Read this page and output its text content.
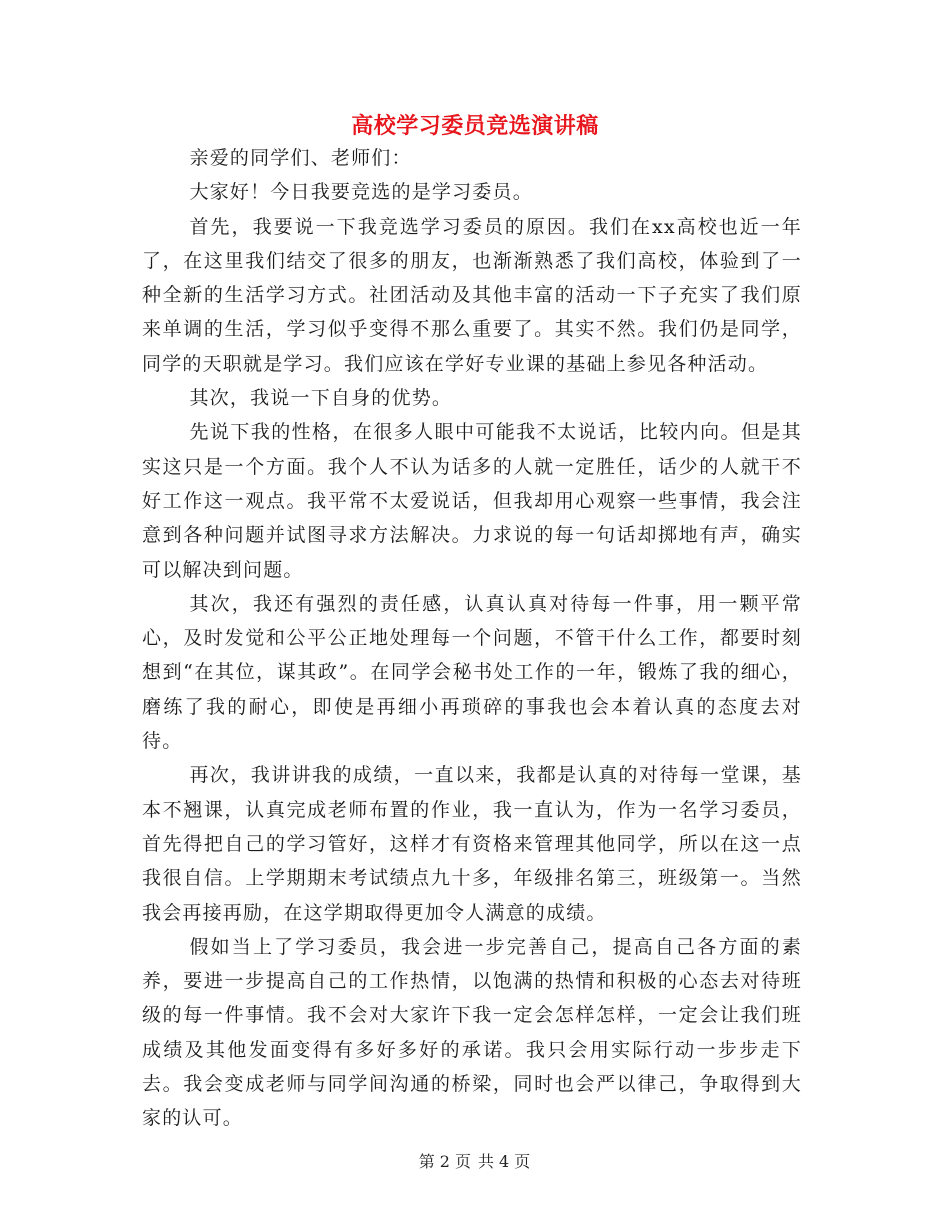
高校学习委员竞选演讲稿

亲爱的同学们、老师们：

大家好！今日我要竞选的是学习委员。

首先，我要说一下我竞选学习委员的原因。我们在xx高校也近一年了，在这里我们结交了很多的朋友，也渐渐熟悉了我们高校，体验到了一种全新的生活学习方式。社团活动及其他丰富的活动一下子充实了我们原来单调的生活，学习似乎变得不那么重要了。其实不然。我们仍是同学，同学的天职就是学习。我们应该在学好专业课的基础上参见各种活动。

其次，我说一下自身的优势。

先说下我的性格，在很多人眼中可能我不太说话，比较内向。但是其实这只是一个方面。我个人不认为话多的人就一定胜任，话少的人就干不好工作这一观点。我平常不太爱说话，但我却用心观察一些事情，我会注意到各种问题并试图寻求方法解决。力求说的每一句话却掷地有声，确实可以解决到问题。

其次，我还有强烈的责任感，认真认真对待每一件事，用一颗平常心，及时发觉和公平公正地处理每一个问题，不管干什么工作，都要时刻想到“在其位，谋其政”。在同学会秘书处工作的一年，锻炼了我的细心，磨练了我的耐心，即使是再细小再琐碎的事我也会本着认真的态度去对待。

再次，我讲讲我的成绩，一直以来，我都是认真的对待每一堂课，基本不翘课，认真完成老师布置的作业，我一直认为，作为一名学习委员，首先得把自己的学习管好，这样才有资格来管理其他同学，所以在这一点我很自信。上学期期末考试绩点九十多，年级排名第三，班级第一。当然我会再接再励，在这学期取得更加令人满意的成绩。

假如当上了学习委员，我会进一步完善自己，提高自己各方面的素养，要进一步提高自己的工作热情，以饱满的热情和积极的心态去对待班级的每一件事情。我不会对大家许下我一定会怎样怎样，一定会让我们班成绩及其他发面变得有多好多好的承诺。我只会用实际行动一步步走下去。我会变成老师与同学间沟通的桥梁，同时也会严以律己，争取得到大家的认可。

第 2 页 共 4 页
